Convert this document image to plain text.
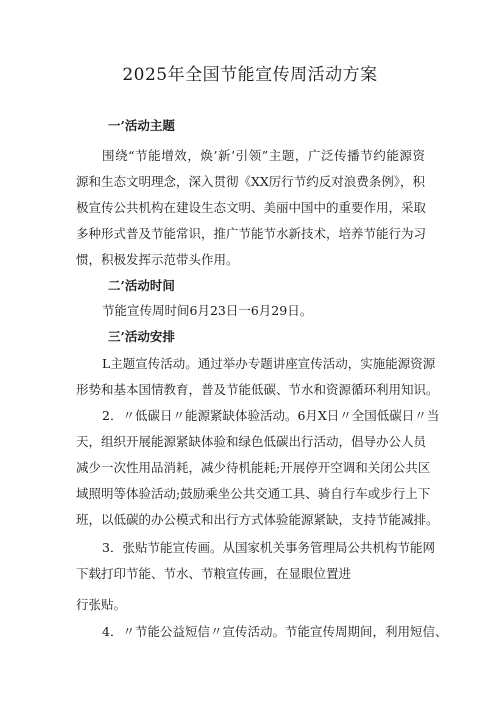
2025年全国节能宣传周活动方案
一’活动主题
围绕“节能增效，焕’新’引领”主题，广泛传播节约能源资
源和生态文明理念，深入贯彻《XX厉行节约反对浪费条例》，积
极宣传公共机构在建设生态文明、美丽中国中的重要作用，采取
多种形式普及节能常识，推广节能节水新技术，培养节能行为习
惯，积极发挥示范带头作用。
二’活动时间
节能宣传周时间6月23日一6月29日。
三’活动安排
L主题宣传活动。通过举办专题讲座宣传活动，实施能源资源
形势和基本国情教育，普及节能低碳、节水和资源循环利用知识。
2．〃低碳日〃能源紧缺体验活动。6月X日〃全国低碳日〃当
天，组织开展能源紧缺体验和绿色低碳出行活动，倡导办公人员
减少一次性用品消耗，减少待机能耗;开展停开空调和关闭公共区
域照明等体验活动;鼓励乘坐公共交通工具、骑自行车或步行上下
班，以低碳的办公模式和出行方式体验能源紧缺，支持节能减排。
3．张贴节能宣传画。从国家机关事务管理局公共机构节能网
下载打印节能、节水、节粮宣传画，在显眼位置进
行张贴。
4．〃节能公益短信〃宣传活动。节能宣传周期间，利用短信、
